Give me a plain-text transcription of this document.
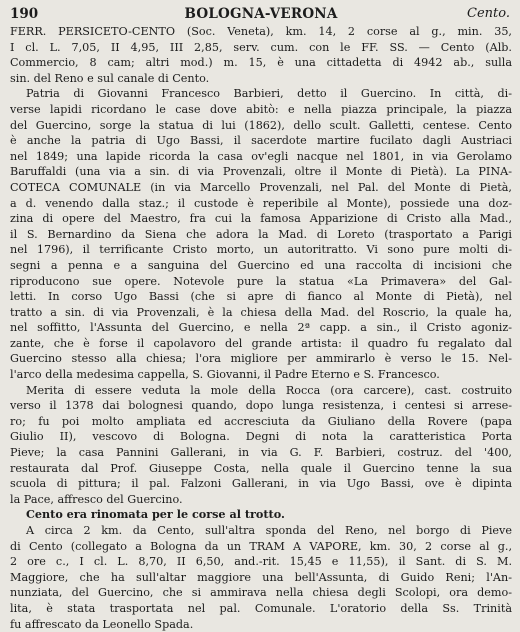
190	BOLOGNA-VERONA	Cento.
FERR. PERSICETO-CENTO (Soc. Veneta), km. 14, 2 corse al g., min. 35,
I cl. L. 7,05, II 4,95, III 2,85, serv. cum. con le FF. SS. — Cento (Alb.
Commercio, 8 cam; altri mod.) m. 15, è una cittadetta di 4942 ab., sulla
sin. del Reno e sul canale di Cento.
Patria di Giovanni Francesco Barbieri, detto il Guercino. In città, di-
verse lapidi ricordano le case dove abitò: e nella piazza principale, la piazza
del Guercino, sorge la statua di lui (1862), dello scult. Galletti, centese. Cento
è anche la patria di Ugo Bassi, il sacerdote martire fucilato dagli Austriaci
nel 1849; una lapide ricorda la casa ov'egli nacque nel 1801, in via Gerolamo
Baruffaldi (una via a sin. di via Provenzali, oltre il Monte di Pietà). La PINA-
COTECA COMUNALE (in via Marcello Provenzali, nel Pal. del Monte di Pietà,
a d. venendo dalla staz.; il custode è reperibile al Monte), possiede una doz-
zina di opere del Maestro, fra cui la famosa Apparizione di Cristo alla Mad.,
il S. Bernardino da Siena che adora la Mad. di Loreto (trasportato a Parigi
nel 1796), il terrificante Cristo morto, un autoritratto. Vi sono pure molti di-
segni a penna e a sanguina del Guercino ed una raccolta di incisioni che
riproducono sue opere. Notevole pure la statua «La Primavera» del Gal-
letti. In corso Ugo Bassi (che si apre di fianco al Monte di Pietà), nel
tratto a sin. di via Provenzali, è la chiesa della Mad. del Roscrio, la quale ha,
nel soffitto, l'Assunta del Guercino, e nella 2ª capp. a sin., il Cristo agoniz-
zante, che è forse il capolavoro del grande artista: il quadro fu regalato dal
Guercino stesso alla chiesa; l'ora migliore per ammirarlo è verso le 15. Nel-
l'arco della medesima cappella, S. Giovanni, il Padre Eterno e S. Francesco.
Merita di essere veduta la mole della Rocca (ora carcere), cast. costruito
verso il 1378 dai bolognesi quando, dopo lunga resistenza, i centesi si arrese-
ro; fu poi molto ampliata ed accresciuta da Giuliano della Rovere (papa
Giulio II), vescovo di Bologna. Degni di nota la caratteristica Porta
Pieve; la casa Pannini Gallerani, in via G. F. Barbieri, costruz. del '400,
restaurata dal Prof. Giuseppe Costa, nella quale il Guercino tenne la sua
scuola di pittura; il pal. Falzoni Gallerani, in via Ugo Bassi, ove è dipinta
la Pace, affresco del Guercino.
Cento era rinomata per le corse al trotto.
A circa 2 km. da Cento, sull'altra sponda del Reno, nel borgo di Pieve
di Cento (collegato a Bologna da un TRAM A VAPORE, km. 30, 2 corse al g.,
2 ore c., I cl. L. 8,70, II 6,50, and.-rit. 15,45 e 11,55), il Sant. di S. M.
Maggiore, che ha sull'altar maggiore una bell'Assunta, di Guido Reni; l'An-
nunziata, del Guercino, che si ammirava nella chiesa degli Scolopi, ora demo-
lita, è stata trasportata nel pal. Comunale. L'oratorio della Ss. Trinità
fu affrescato da Leonello Spada.
